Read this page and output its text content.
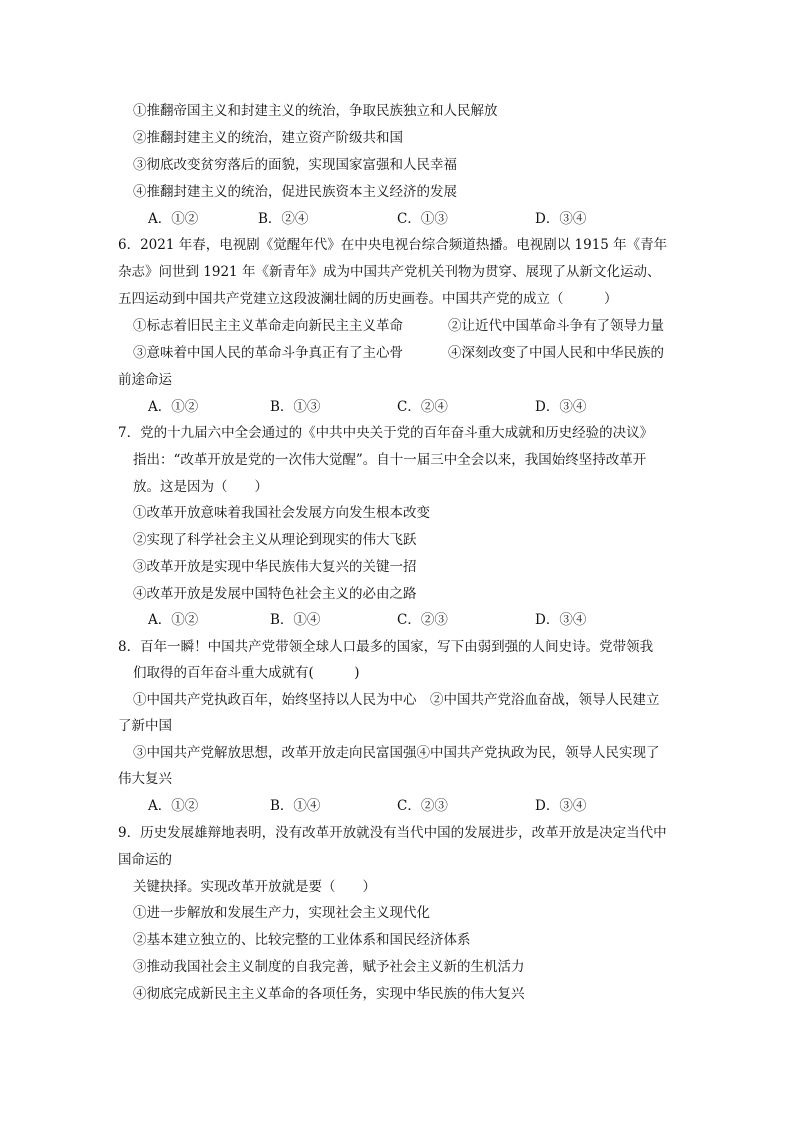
①推翻帝国主义和封建主义的统治，争取民族独立和人民解放
②推翻封建主义的统治，建立资产阶级共和国
③彻底改变贫穷落后的面貌，实现国家富强和人民幸福
④推翻封建主义的统治，促进民族资本主义经济的发展
A．①②	B．②④	C．①③	D．③④
6．2021 年春，电视剧《觉醒年代》在中央电视台综合频道热播。电视剧以 1915 年《青年
杂志》问世到 1921 年《新青年》成为中国共产党机关刊物为贯穿、展现了从新文化运动、
五四运动到中国共产党建立这段波澜壮阔的历史画卷。中国共产党的成立（　　　）
①标志着旧民主主义革命走向新民主主义革命	②让近代中国革命斗争有了领导力量
③意味着中国人民的革命斗争真正有了主心骨	④深刻改变了中国人民和中华民族的
前途命运
A．①②	B．①③	C．②④	D．③④
7．党的十九届六中全会通过的《中共中央关于党的百年奋斗重大成就和历史经验的决议》
指出：“改革开放是党的一次伟大觉醒”。自十一届三中全会以来，我国始终坚持改革开
放。这是因为（　　）
①改革开放意味着我国社会发展方向发生根本改变
②实现了科学社会主义从理论到现实的伟大飞跃
③改革开放是实现中华民族伟大复兴的关键一招
④改革开放是发展中国特色社会主义的必由之路
A．①②	B．①④	C．②③	D．③④
8．百年一瞬！中国共产党带领全球人口最多的国家，写下由弱到强的人间史诗。党带领我
们取得的百年奋斗重大成就有(　　　)
①中国共产党执政百年，始终坚持以人民为中心　②中国共产党浴血奋战，领导人民建立
了新中国
③中国共产党解放思想，改革开放走向民富国强④中国共产党执政为民，领导人民实现了
伟大复兴
A．①②	B．①④	C．②③	D．③④
9．历史发展雄辩地表明，没有改革开放就没有当代中国的发展进步，改革开放是决定当代中
国命运的
关键抉择。实现改革开放就是要（　　）
①进一步解放和发展生产力，实现社会主义现代化
②基本建立独立的、比较完整的工业体系和国民经济体系
③推动我国社会主义制度的自我完善，赋予社会主义新的生机活力
④彻底完成新民主主义革命的各项任务，实现中华民族的伟大复兴
